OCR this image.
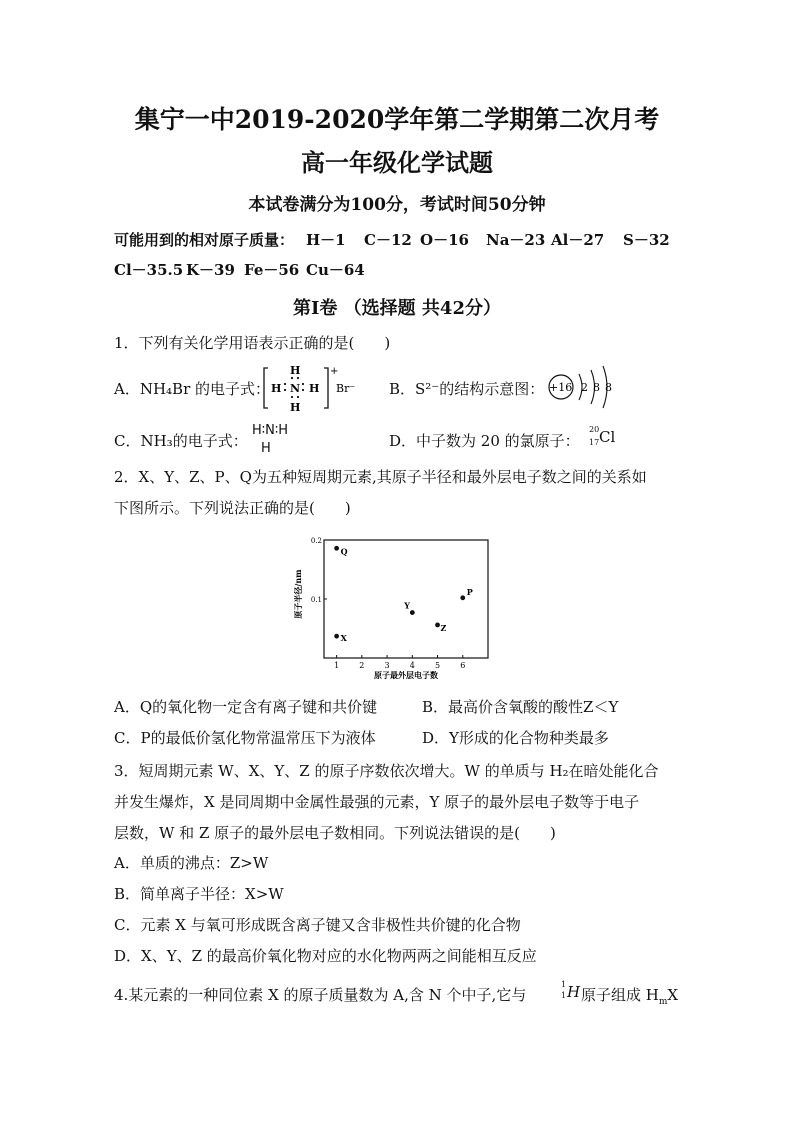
集宁一中2019-2020学年第二学期第二次月考
高一年级化学试题
本试卷满分为100分，考试时间50分钟
可能用到的相对原子质量： H－1 C－12 O－16 Na－23 Al－27 S－32
Cl－35.5 K－39 Fe－56 Cu－64
第Ⅰ卷 （选择题 共42分）
1．下列有关化学用语表示正确的是(　　)
A．NH₄Br 的电子式：
H
H N H
H
+
Br⁻ B．S²⁻的结构示意图： +16 2 8 8
C．NH₃的电子式：
H∶N∶H
H	D．中子数为 20 的氯原子：
20
17 Cl
2．X、Y、Z、P、Q为五种短周期元素,其原子半径和最外层电子数之间的关系如
下图所示。下列说法正确的是(　　)
原子半径/nm
原子最外层电子数
1	2	3	4	5	6
0.1
0.2
Q
X
Y
Z
P
A．Q的氧化物一定含有离子键和共价键	B．最高价含氧酸的酸性Z＜Y
C．P的最低价氢化物常温常压下为液体	D．Y形成的化合物种类最多
3．短周期元素 W、X、Y、Z 的原子序数依次增大。W 的单质与 H₂在暗处能化合
并发生爆炸，X 是同周期中金属性最强的元素，Y 原子的最外层电子数等于电子
层数，W 和 Z 原子的最外层电子数相同。下列说法错误的是(　　)
A．单质的沸点：Z>W
B．简单离子半径：X>W
C．元素 X 与氧可形成既含离子键又含非极性共价键的化合物
D．X、Y、Z 的最高价氧化物对应的水化物两两之间能相互反应
4.某元素的一种同位素 X 的原子质量数为 A,含 N 个中子,它与
1
1 H 原子组成 $H_mX$
